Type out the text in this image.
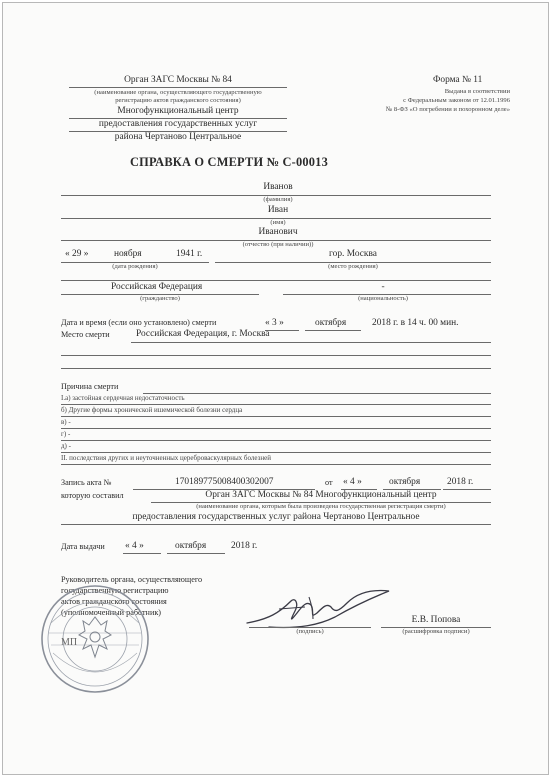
Орган ЗАГС Москвы № 84
(наименование органа, осуществляющего государственную
регистрацию актов гражданского состояния)
Многофункциональный центр
предоставления государственных услуг
района Чертаново Центральное
Форма № 11
Выдана в соответствии
с Федеральным законом от 12.01.1996
№ 8-ФЗ «О погребении и похоронном деле»
СПРАВКА О СМЕРТИ № С-00013
Иванов
(фамилия)
Иван
(имя)
Иванович
(отчество (при наличии))
« 29 »	ноября	1941 г.
(дата рождения)
гор. Москва
(место рождения)
Российская Федерация
(гражданство)
-
(национальность)
Дата и время (если оно установлено) смерти	« 3 »	октября	2018 г. в 14 ч. 00 мин.
Место смерти	Российская Федерация, г. Москва
Причина смерти
I.а) застойная сердечная недостаточность
б) Другие формы хронической ишемической болезни сердца
в) -
г) -
д) -
II. последствия других и неуточненных цереброваскулярных болезней
Запись акта №	170189775008400302007	от « 4 »	октября	2018 г.
которую составил	Орган ЗАГС Москвы № 84 Многофункциональный центр
(наименование органа, которым была произведена государственная регистрация смерти)
предоставления государственных услуг района Чертаново Центральное
Дата выдачи « 4 »	октября	2018 г.
Руководитель органа, осуществляющего
государственную регистрацию
актов гражданского состояния
(уполномоченный работник)
МП
(подпись)
Е.В. Попова
(расшифровка подписи)
